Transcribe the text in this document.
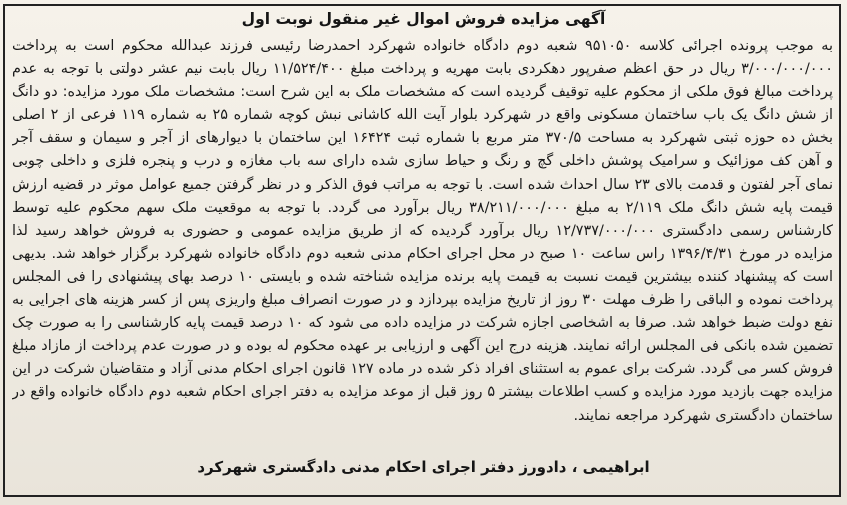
آگهی مزایده فروش اموال غیر منقول نوبت اول
به موجب پرونده اجرائی کلاسه ۹۵۱۰۵۰ شعبه دوم دادگاه خانواده شهرکرد احمدرضا رئیسی فرزند عبدالله محکوم است به پرداخت
۳/۰۰۰/۰۰۰/۰۰۰ ریال در حق اعظم صفرپور دهکردی بابت مهریه و پرداخت مبلغ ۱۱/۵۲۴/۴۰۰ ریال بابت نیم عشر دولتی با توجه به عدم
پرداخت مبالغ فوق ملکی از محکوم علیه توقیف گردیده است که مشخصات ملک به این شرح است: مشخصات ملک مورد مزایده: دو دانگ
از شش دانگ یک باب ساختمان مسکونی واقع در شهرکرد بلوار آیت الله کاشانی نبش کوچه شماره ۲۵ به شماره ۱۱۹ فرعی از ۲ اصلی
بخش ده حوزه ثبتی شهرکرد به مساحت ۳۷۰/۵ متر مربع با شماره ثبت ۱۶۴۲۴ این ساختمان با دیوارهای از آجر و سیمان و سقف آجر
و آهن کف موزائیک و سرامیک پوشش داخلی گچ و رنگ و حیاط سازی شده دارای سه باب مغازه و درب و پنجره فلزی و داخلی چوبی
نمای آجر لفتون و قدمت بالای ۲۳ سال احداث شده است. با توجه به مراتب فوق الذکر و در نظر گرفتن جمیع عوامل موثر در قضیه ارزش
قیمت پایه شش دانگ ملک ۲/۱۱۹ به مبلغ ۳۸/۲۱۱/۰۰۰/۰۰۰ ریال برآورد می گردد. با توجه به موقعیت ملک سهم محکوم علیه توسط
کارشناس رسمی دادگستری ۱۲/۷۳۷/۰۰۰/۰۰۰ ریال برآورد گردیده که از طریق مزایده عمومی و حضوری به فروش خواهد رسید لذا
مزایده در مورخ ۱۳۹۶/۴/۳۱ راس ساعت ۱۰ صبح در محل اجرای احکام مدنی شعبه دوم دادگاه خانواده شهرکرد برگزار خواهد شد. بدیهی
است که پیشنهاد کننده بیشترین قیمت نسبت به قیمت پایه برنده مزایده شناخته شده و بایستی ۱۰ درصد بهای پیشنهادی را فی المجلس
پرداخت نموده و الباقی را ظرف مهلت ۳۰ روز از تاریخ مزایده بپردازد و در صورت انصراف مبلغ واریزی پس از کسر هزینه های اجرایی به
نفع دولت ضبط خواهد شد. صرفا به اشخاصی اجازه شرکت در مزایده داده می شود که ۱۰ درصد قیمت پایه کارشناسی را به صورت چک
تضمین شده بانکی فی المجلس ارائه نمایند. هزینه درج این آگهی و ارزیابی بر عهده محکوم له بوده و در صورت عدم پرداخت از مازاد مبلغ
فروش کسر می گردد. شرکت برای عموم به استثنای افراد ذکر شده در ماده ۱۲۷ قانون اجرای احکام مدنی آزاد و متقاضیان شرکت در این
مزایده جهت بازدید مورد مزایده و کسب اطلاعات بیشتر ۵ روز قبل از موعد مزایده به دفتر اجرای احکام شعبه دوم دادگاه خانواده واقع در
ساختمان دادگستری شهرکرد مراجعه نمایند.
ابراهیمی ، دادورز دفتر اجرای احکام مدنی دادگستری شهرکرد
